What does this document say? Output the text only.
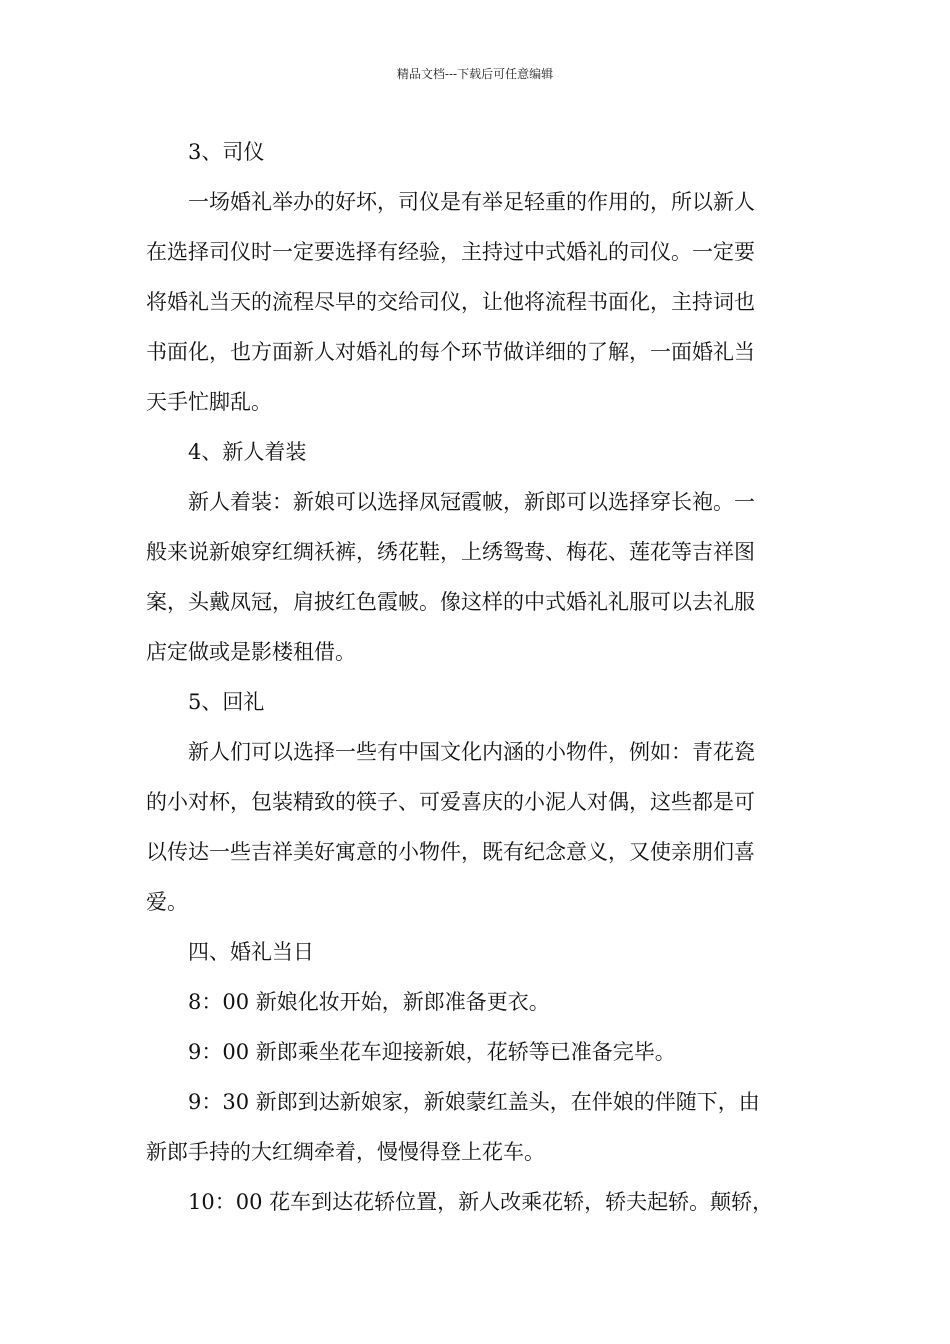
精品文档---下载后可任意编辑
3、司仪
一场婚礼举办的好坏，司仪是有举足轻重的作用的，所以新人
在选择司仪时一定要选择有经验，主持过中式婚礼的司仪。一定要
将婚礼当天的流程尽早的交给司仪，让他将流程书面化，主持词也
书面化，也方面新人对婚礼的每个环节做详细的了解，一面婚礼当
天手忙脚乱。
4、新人着装
新人着装：新娘可以选择凤冠霞帔，新郎可以选择穿长袍。一
般来说新娘穿红绸袄裤，绣花鞋，上绣鸳鸯、梅花、莲花等吉祥图
案，头戴凤冠，肩披红色霞帔。像这样的中式婚礼礼服可以去礼服
店定做或是影楼租借。
5、回礼
新人们可以选择一些有中国文化内涵的小物件，例如：青花瓷
的小对杯，包装精致的筷子、可爱喜庆的小泥人对偶，这些都是可
以传达一些吉祥美好寓意的小物件，既有纪念意义，又使亲朋们喜
爱。
四、婚礼当日
8：00 新娘化妆开始，新郎准备更衣。
9：00 新郎乘坐花车迎接新娘，花轿等已准备完毕。
9：30 新郎到达新娘家，新娘蒙红盖头，在伴娘的伴随下，由
新郎手持的大红绸牵着，慢慢得登上花车。
10：00 花车到达花轿位置，新人改乘花轿，轿夫起轿。颠轿，
